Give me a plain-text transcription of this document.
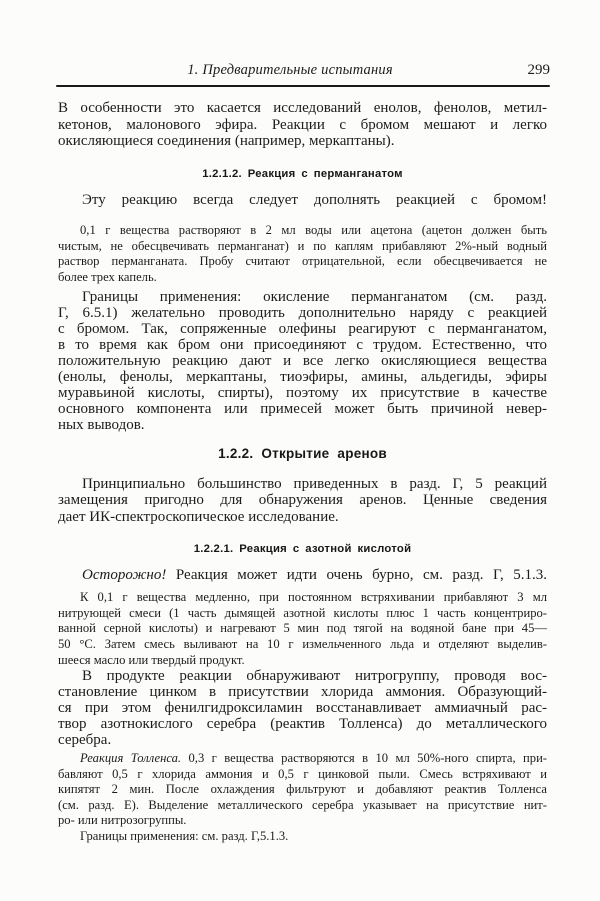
1. Предварительные испытания	299
В особенности это касается исследований енолов, фенолов, метил-
кетонов, малонового эфира. Реакции с бромом мешают и легко
окисляющиеся соединения (например, меркаптаны).
1.2.1.2. Реакция с перманганатом
Эту реакцию всегда следует дополнять реакцией с бромом!
0,1 г вещества растворяют в 2 мл воды или ацетона (ацетон должен быть
чистым, не обесцвечивать перманганат) и по каплям прибавляют 2%-ный водный
раствор перманганата. Пробу считают отрицательной, если обесцвечивается не
более трех капель.
Границы применения: окисление перманганатом (см. разд.
Г, 6.5.1) желательно проводить дополнительно наряду с реакцией
с бромом. Так, сопряженные олефины реагируют с перманганатом,
в то время как бром они присоединяют с трудом. Естественно, что
положительную реакцию дают и все легко окисляющиеся вещества
(енолы, фенолы, меркаптаны, тиоэфиры, амины, альдегиды, эфиры
муравьиной кислоты, спирты), поэтому их присутствие в качестве
основного компонента или примесей может быть причиной невер-
ных выводов.
1.2.2. Открытие аренов
Принципиально большинство приведенных в разд. Г, 5 реакций
замещения пригодно для обнаружения аренов. Ценные сведения
дает ИК-спектроскопическое исследование.
1.2.2.1. Реакция с азотной кислотой
Осторожно! Реакция может идти очень бурно, см. разд. Г, 5.1.3.
К 0,1 г вещества медленно, при постоянном встряхивании прибавляют 3 мл
нитрующей смеси (1 часть дымящей азотной кислоты плюс 1 часть концентриро-
ванной серной кислоты) и нагревают 5 мин под тягой на водяной бане при 45—
50 °С. Затем смесь выливают на 10 г измельченного льда и отделяют выделив-
шееся масло или твердый продукт.
В продукте реакции обнаруживают нитрогруппу, проводя вос-
становление цинком в присутствии хлорида аммония. Образующий-
ся при этом фенилгидроксиламин восстанавливает аммиачный рас-
твор азотнокислого серебра (реактив Толленса) до металлического
серебра.
Реакция Толленса. 0,3 г вещества растворяются в 10 мл 50%-ного спирта, при-
бавляют 0,5 г хлорида аммония и 0,5 г цинковой пыли. Смесь встряхивают и
кипятят 2 мин. После охлаждения фильтруют и добавляют реактив Толленса
(см. разд. Е). Выделение металлического серебра указывает на присутствие нит-
ро- или нитрозогруппы.
Границы применения: см. разд. Г,5.1.3.
